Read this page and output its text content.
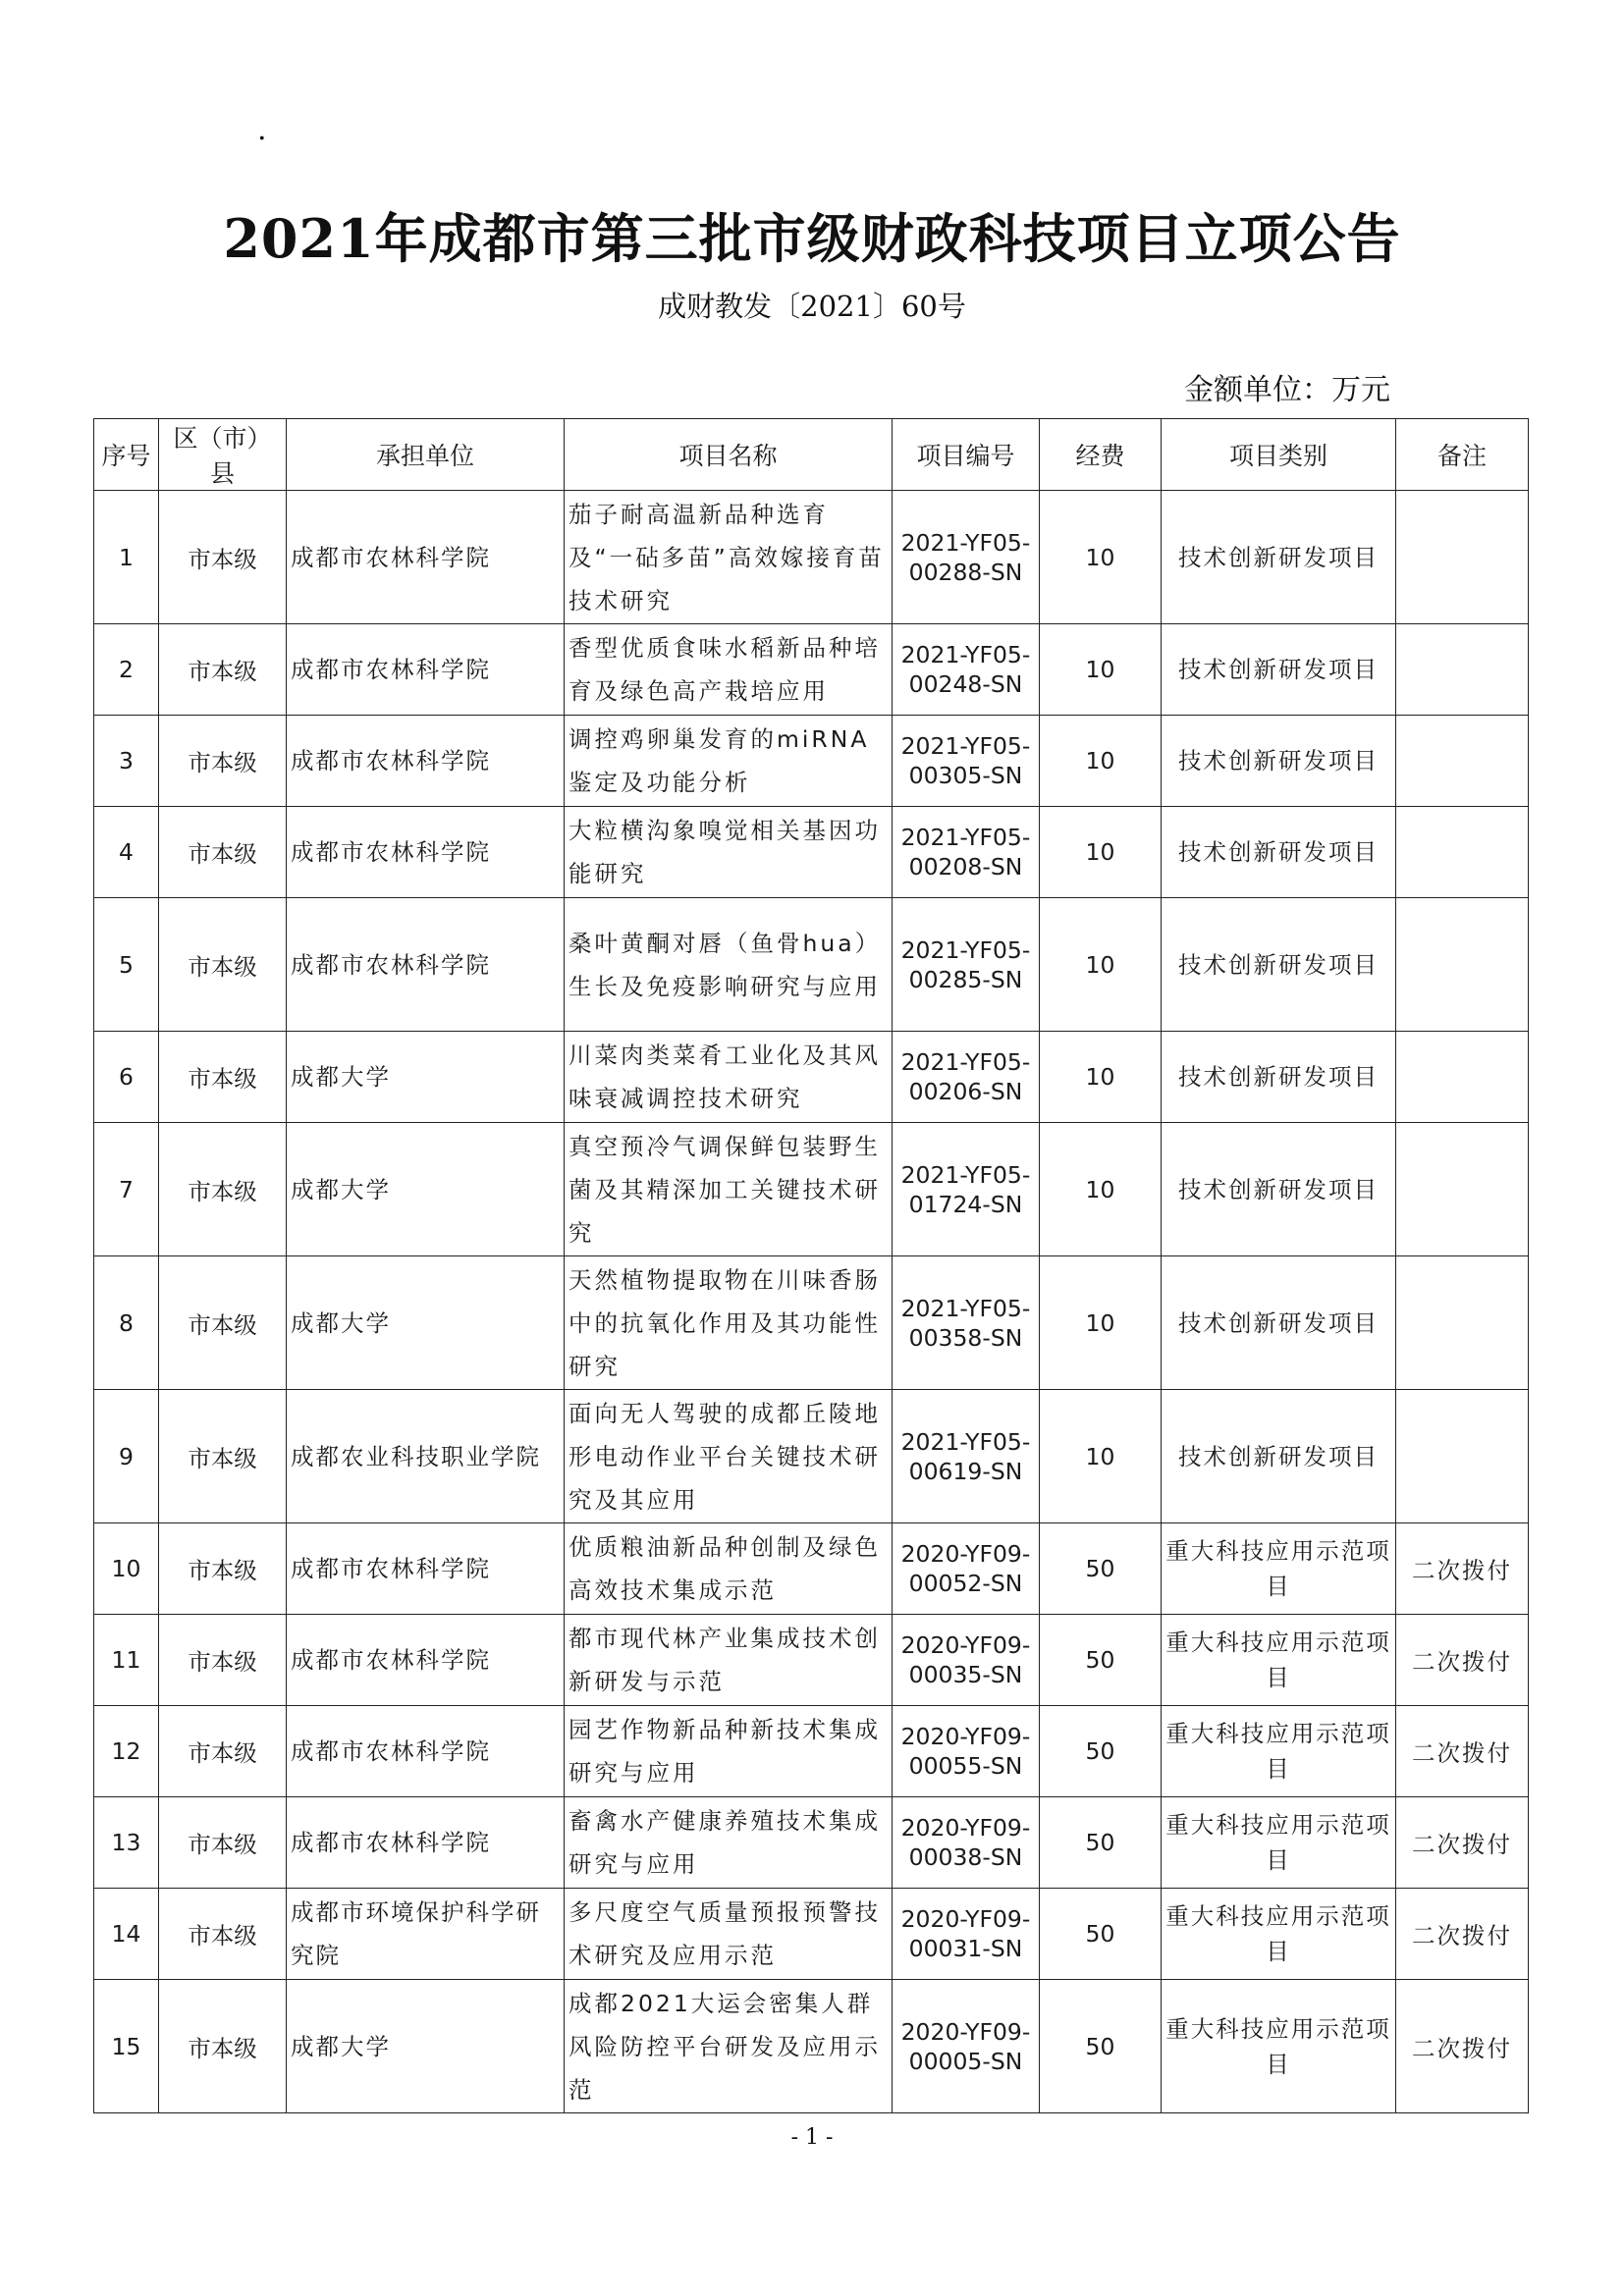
.
2021年成都市第三批市级财政科技项目立项公告
成财教发〔2021〕60号
金额单位：万元
序号	区（市）县	承担单位	项目名称	项目编号	经费	项目类别	备注
1	市本级	成都市农林科学院	茄子耐高温新品种选育及“一砧多苗”高效嫁接育苗技术研究	2021-YF05-00288-SN	10	技术创新研发项目	
2	市本级	成都市农林科学院	香型优质食味水稻新品种培育及绿色高产栽培应用	2021-YF05-00248-SN	10	技术创新研发项目	
3	市本级	成都市农林科学院	调控鸡卵巢发育的miRNA鉴定及功能分析	2021-YF05-00305-SN	10	技术创新研发项目	
4	市本级	成都市农林科学院	大粒横沟象嗅觉相关基因功能研究	2021-YF05-00208-SN	10	技术创新研发项目	
5	市本级	成都市农林科学院	桑叶黄酮对唇（鱼骨hua）生长及免疫影响研究与应用	2021-YF05-00285-SN	10	技术创新研发项目	
6	市本级	成都大学	川菜肉类菜肴工业化及其风味衰减调控技术研究	2021-YF05-00206-SN	10	技术创新研发项目	
7	市本级	成都大学	真空预冷气调保鲜包装野生菌及其精深加工关键技术研究	2021-YF05-01724-SN	10	技术创新研发项目	
8	市本级	成都大学	天然植物提取物在川味香肠中的抗氧化作用及其功能性研究	2021-YF05-00358-SN	10	技术创新研发项目	
9	市本级	成都农业科技职业学院	面向无人驾驶的成都丘陵地形电动作业平台关键技术研究及其应用	2021-YF05-00619-SN	10	技术创新研发项目	
10	市本级	成都市农林科学院	优质粮油新品种创制及绿色高效技术集成示范	2020-YF09-00052-SN	50	重大科技应用示范项目	二次拨付
11	市本级	成都市农林科学院	都市现代林产业集成技术创新研发与示范	2020-YF09-00035-SN	50	重大科技应用示范项目	二次拨付
12	市本级	成都市农林科学院	园艺作物新品种新技术集成研究与应用	2020-YF09-00055-SN	50	重大科技应用示范项目	二次拨付
13	市本级	成都市农林科学院	畜禽水产健康养殖技术集成研究与应用	2020-YF09-00038-SN	50	重大科技应用示范项目	二次拨付
14	市本级	成都市环境保护科学研究院	多尺度空气质量预报预警技术研究及应用示范	2020-YF09-00031-SN	50	重大科技应用示范项目	二次拨付
15	市本级	成都大学	成都2021大运会密集人群风险防控平台研发及应用示范	2020-YF09-00005-SN	50	重大科技应用示范项目	二次拨付
- 1 -
